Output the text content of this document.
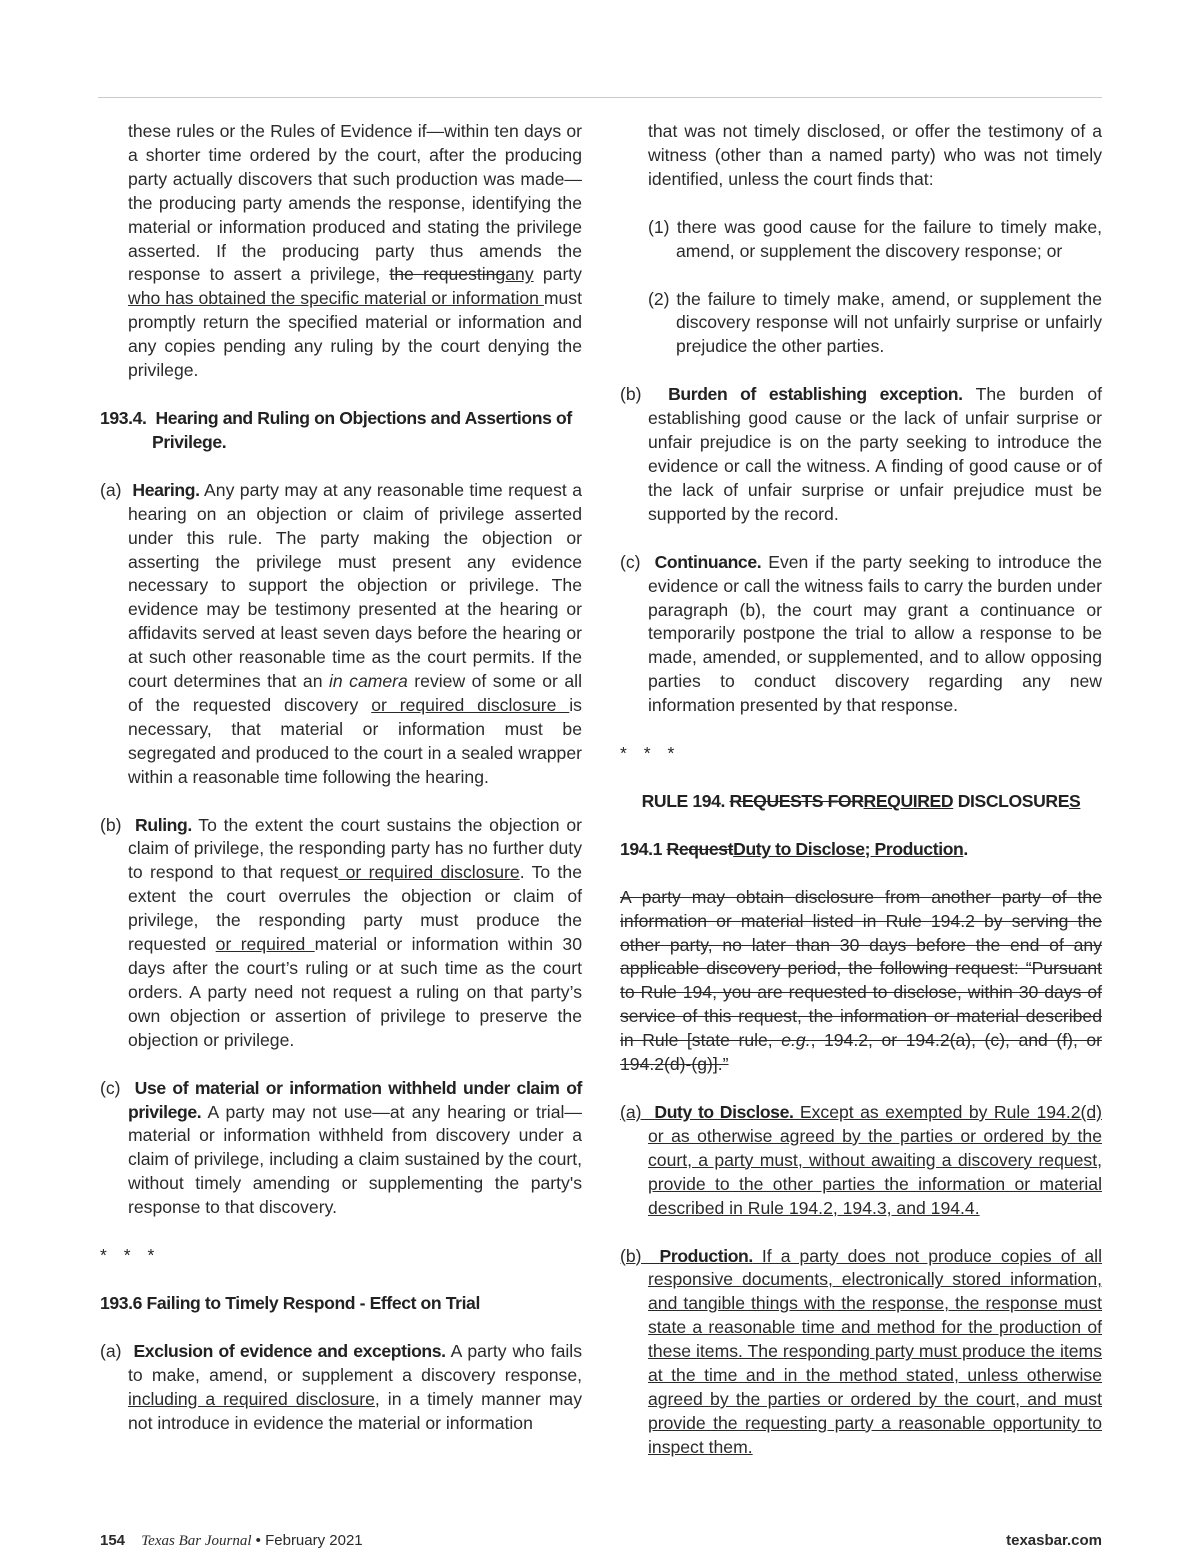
these rules or the Rules of Evidence if—within ten days or a shorter time ordered by the court, after the producing party actually discovers that such production was made—the producing party amends the response, identifying the material or information produced and stating the privilege asserted. If the producing party thus amends the response to assert a privilege, the requestingany party who has obtained the specific material or information must promptly return the specified material or information and any copies pending any ruling by the court denying the privilege.

193.4. Hearing and Ruling on Objections and Assertions of Privilege.

(a) Hearing. Any party may at any reasonable time request a hearing on an objection or claim of privilege asserted under this rule. The party making the objection or asserting the privilege must present any evidence necessary to support the objection or privilege. The evidence may be testimony presented at the hearing or affidavits served at least seven days before the hearing or at such other reasonable time as the court permits. If the court determines that an in camera review of some or all of the requested discovery or required disclosure is necessary, that material or information must be segregated and produced to the court in a sealed wrapper within a reasonable time following the hearing.

(b) Ruling. To the extent the court sustains the objection or claim of privilege, the responding party has no further duty to respond to that request or required disclosure. To the extent the court overrules the objection or claim of privilege, the responding party must produce the requested or required material or information within 30 days after the court’s ruling or at such time as the court orders. A party need not request a ruling on that party’s own objection or assertion of privilege to preserve the objection or privilege.

(c) Use of material or information withheld under claim of privilege. A party may not use—at any hearing or trial—material or information withheld from discovery under a claim of privilege, including a claim sustained by the court, without timely amending or supplementing the party's response to that discovery.

* * *

193.6 Failing to Timely Respond - Effect on Trial

(a) Exclusion of evidence and exceptions. A party who fails to make, amend, or supplement a discovery response, including a required disclosure, in a timely manner may not introduce in evidence the material or information

that was not timely disclosed, or offer the testimony of a witness (other than a named party) who was not timely identified, unless the court finds that:

(1) there was good cause for the failure to timely make, amend, or supplement the discovery response; or

(2) the failure to timely make, amend, or supplement the discovery response will not unfairly surprise or unfairly prejudice the other parties.

(b) Burden of establishing exception. The burden of establishing good cause or the lack of unfair surprise or unfair prejudice is on the party seeking to introduce the evidence or call the witness. A finding of good cause or of the lack of unfair surprise or unfair prejudice must be supported by the record.

(c) Continuance. Even if the party seeking to introduce the evidence or call the witness fails to carry the burden under paragraph (b), the court may grant a continuance or temporarily postpone the trial to allow a response to be made, amended, or supplemented, and to allow opposing parties to conduct discovery regarding any new information presented by that response.

* * *

RULE 194. REQUESTS FORREQUIRED DISCLOSURES

194.1 RequestDuty to Disclose; Production.

A party may obtain disclosure from another party of the information or material listed in Rule 194.2 by serving the other party, no later than 30 days before the end of any applicable discovery period, the following request: “Pursuant to Rule 194, you are requested to disclose, within 30 days of service of this request, the information or material described in Rule [state rule, e.g., 194.2, or 194.2(a), (c), and (f), or 194.2(d)-(g)].”

(a) Duty to Disclose. Except as exempted by Rule 194.2(d) or as otherwise agreed by the parties or ordered by the court, a party must, without awaiting a discovery request, provide to the other parties the information or material described in Rule 194.2, 194.3, and 194.4.

(b) Production. If a party does not produce copies of all responsive documents, electronically stored information, and tangible things with the response, the response must state a reasonable time and method for the production of these items. The responding party must produce the items at the time and in the method stated, unless otherwise agreed by the parties or ordered by the court, and must provide the requesting party a reasonable opportunity to inspect them.

154 Texas Bar Journal • February 2021	texasbar.com
